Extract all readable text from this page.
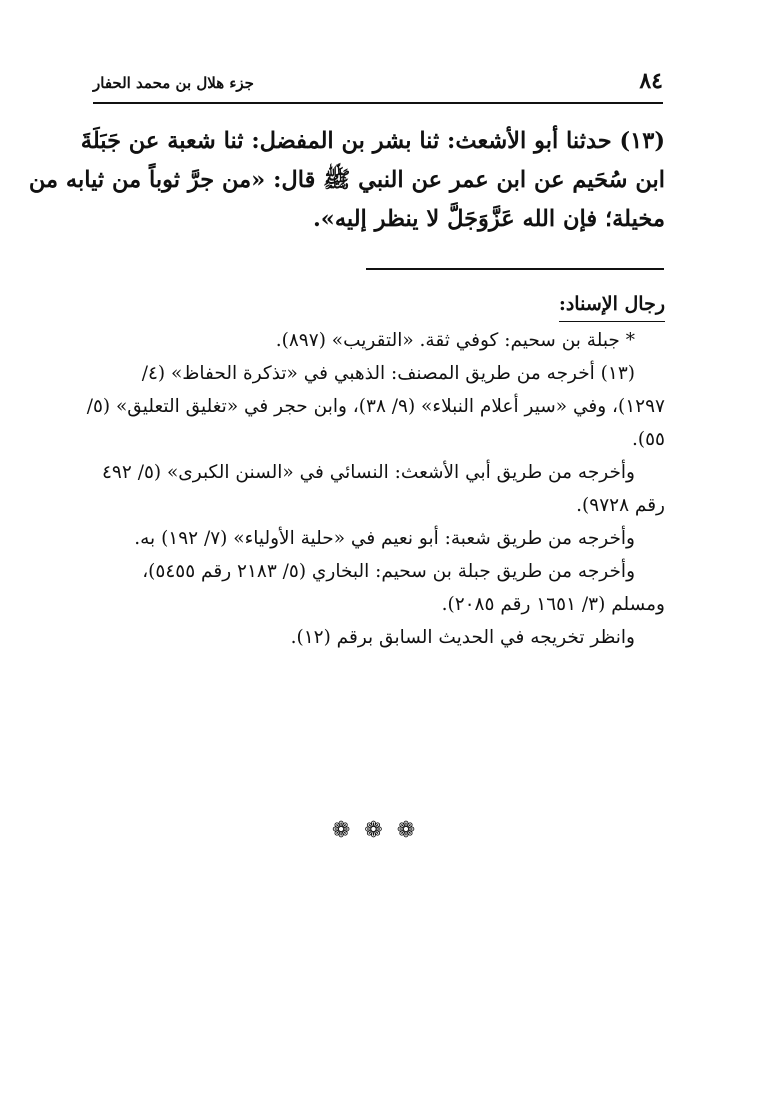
جزء هلال بن محمد الحفار	٨٤
(١٣) حدثنا أبو الأشعث: ثنا بشر بن المفضل: ثنا شعبة عن جَبَلَةَ
ابن سُحَيم عن ابن عمر عن النبي ﷺ قال: «من جرَّ ثوباً من ثيابه من
مخيلة؛ فإن الله عَزَّوَجَلَّ لا ينظر إليه».
رجال الإسناد:
* جبلة بن سحيم: كوفي ثقة. «التقريب» (٨٩٧).
(١٣) أخرجه من طريق المصنف: الذهبي في «تذكرة الحفاظ» (٤/
١٢٩٧)، وفي «سير أعلام النبلاء» (٩/ ٣٨)، وابن حجر في «تغليق التعليق» (٥/
٥٥).
وأخرجه من طريق أبي الأشعث: النسائي في «السنن الكبرى» (٥/ ٤٩٢
رقم ٩٧٢٨).
وأخرجه من طريق شعبة: أبو نعيم في «حلية الأولياء» (٧/ ١٩٢) به.
وأخرجه من طريق جبلة بن سحيم: البخاري (٥/ ٢١٨٣ رقم ٥٤٥٥)،
ومسلم (٣/ ١٦٥١ رقم ٢٠٨٥).
وانظر تخريجه في الحديث السابق برقم (١٢).
❁❁❁
